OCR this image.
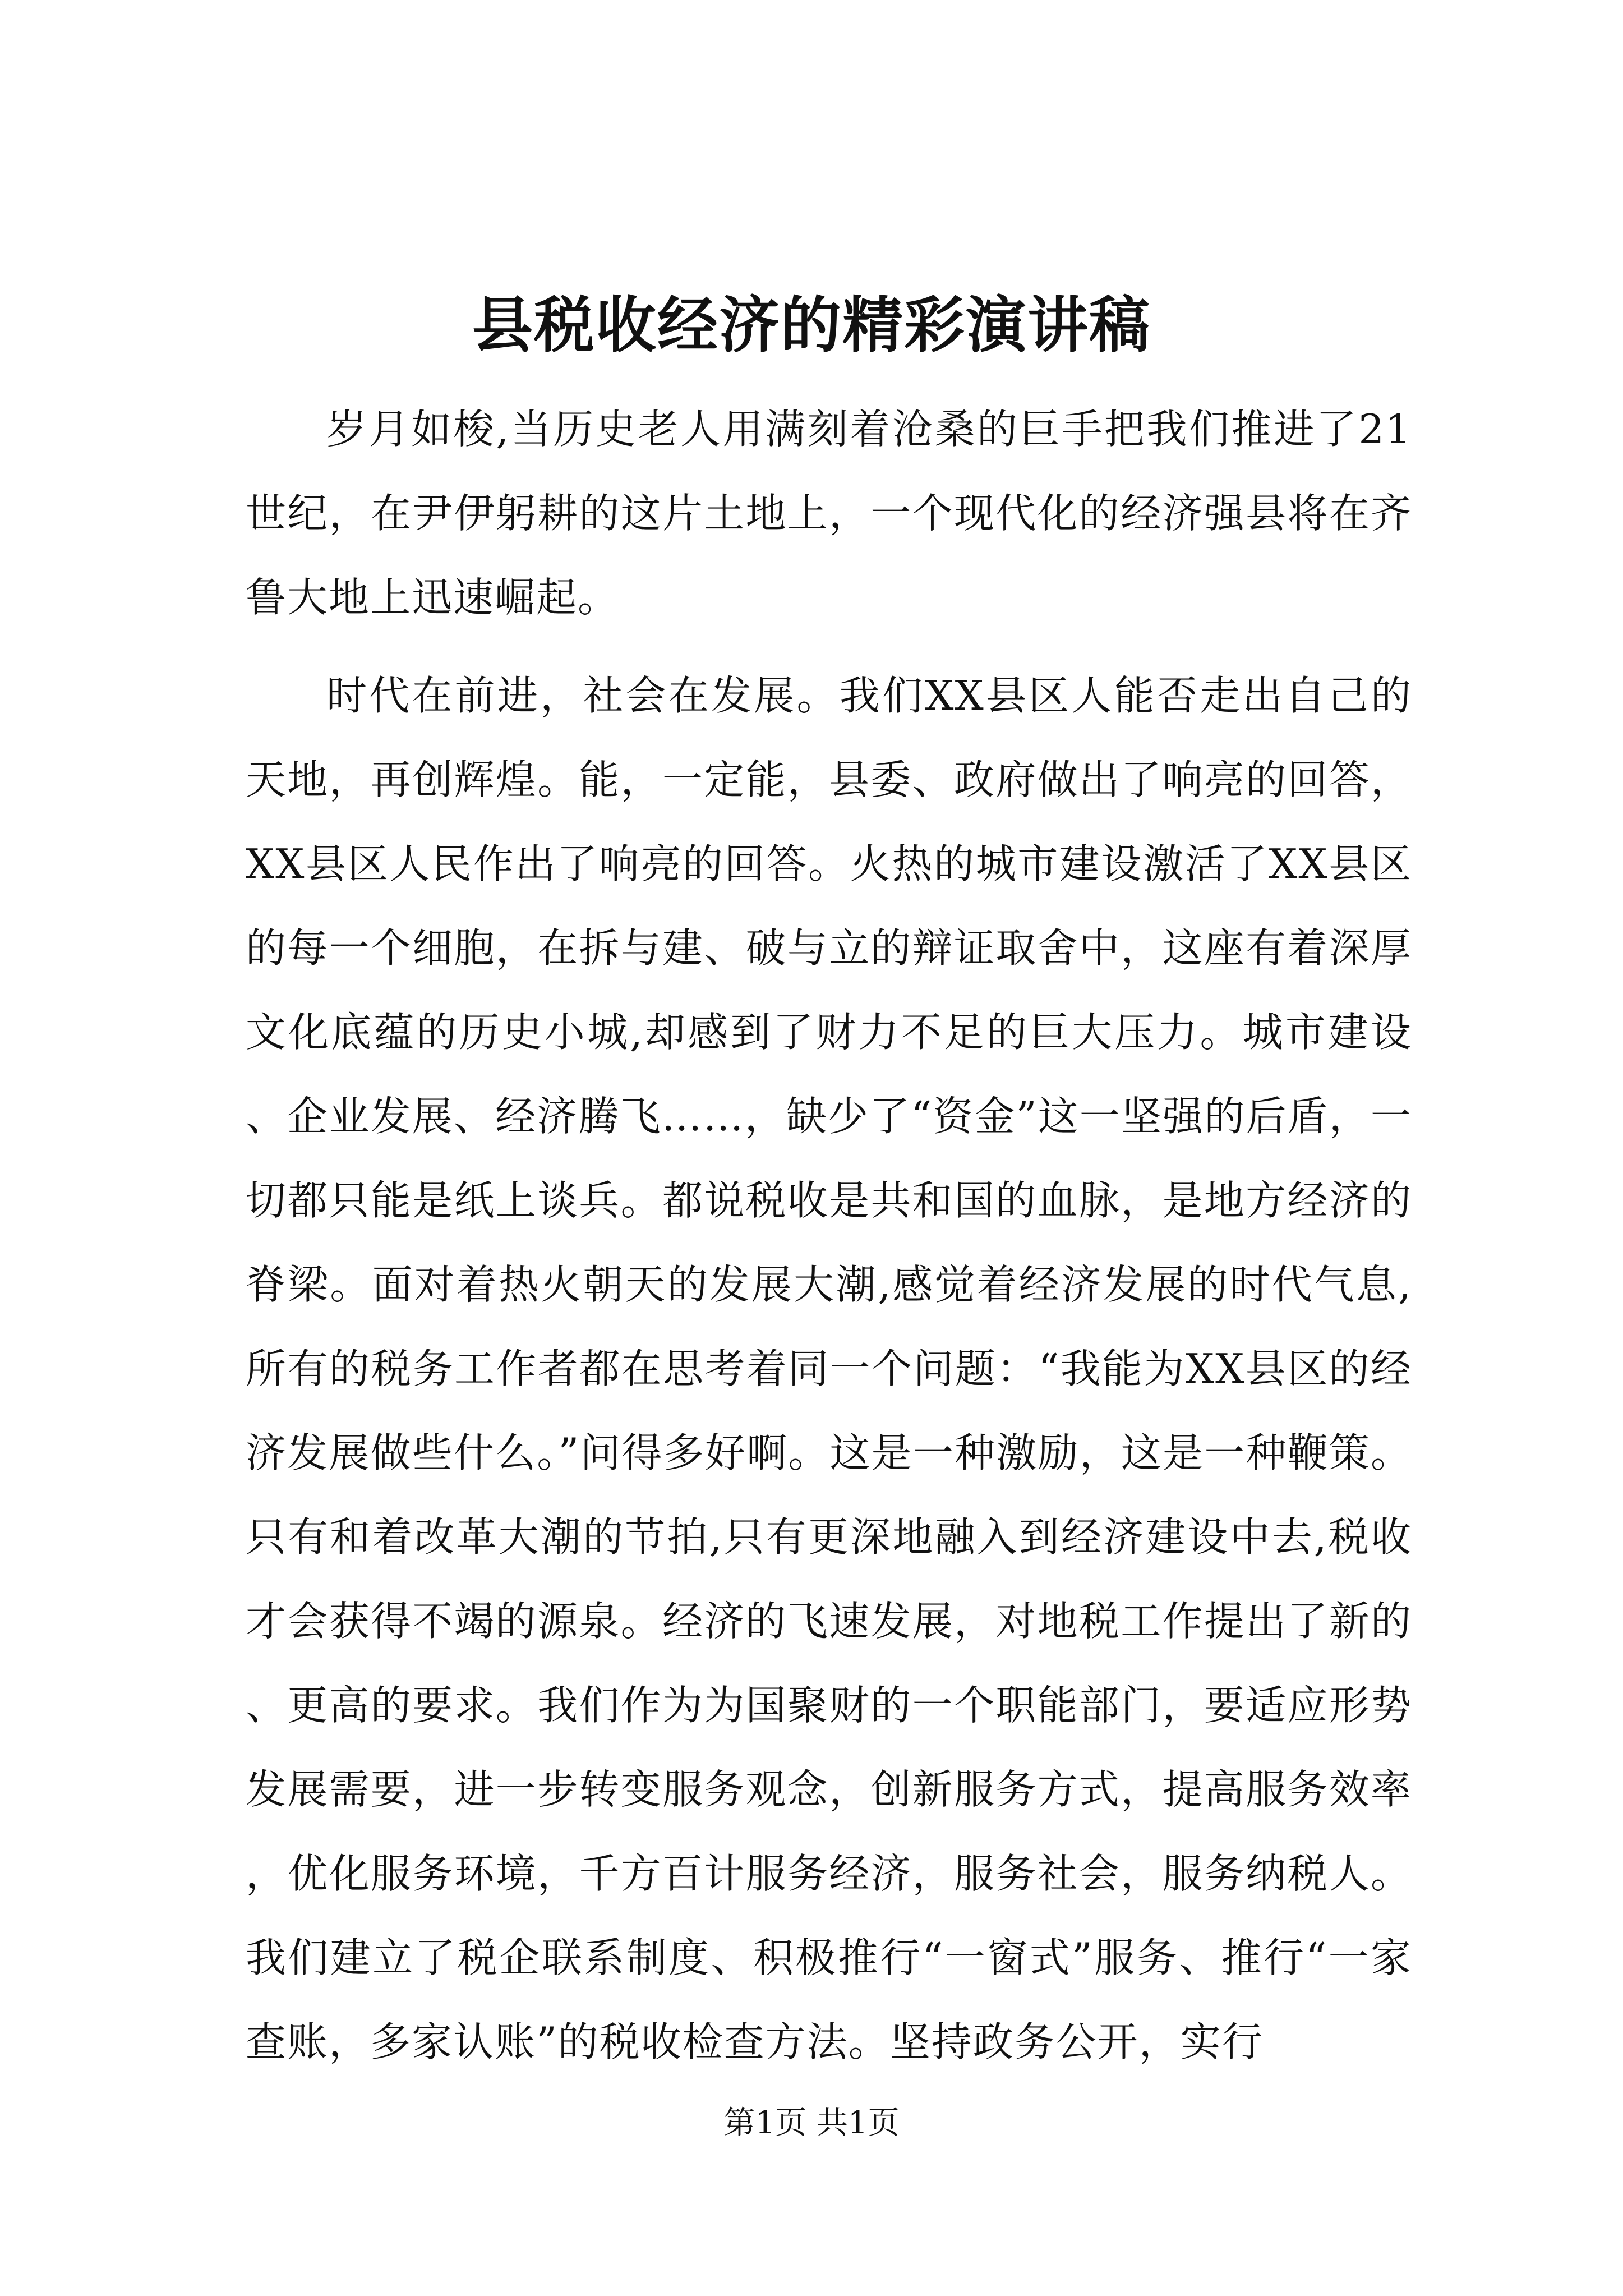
县税收经济的精彩演讲稿

岁月如梭,当历史老人用满刻着沧桑的巨手把我们推进了21世纪，在尹伊躬耕的这片土地上，一个现代化的经济强县将在齐鲁大地上迅速崛起。

时代在前进，社会在发展。我们XX县区人能否走出自己的天地，再创辉煌。能，一定能，县委、政府做出了响亮的回答，XX县区人民作出了响亮的回答。火热的城市建设激活了XX县区的每一个细胞，在拆与建、破与立的辩证取舍中，这座有着深厚文化底蕴的历史小城,却感到了财力不足的巨大压力。城市建设、企业发展、经济腾飞……，缺少了“资金”这一坚强的后盾，一切都只能是纸上谈兵。都说税收是共和国的血脉，是地方经济的脊梁。面对着热火朝天的发展大潮,感觉着经济发展的时代气息,所有的税务工作者都在思考着同一个问题：“我能为XX县区的经济发展做些什么。”问得多好啊。这是一种激励，这是一种鞭策。只有和着改革大潮的节拍,只有更深地融入到经济建设中去,税收才会获得不竭的源泉。经济的飞速发展，对地税工作提出了新的、更高的要求。我们作为为国聚财的一个职能部门，要适应形势发展需要，进一步转变服务观念，创新服务方式，提高服务效率，优化服务环境，千方百计服务经济，服务社会，服务纳税人。我们建立了税企联系制度、积极推行“一窗式”服务、推行“一家查账，多家认账”的税收检查方法。坚持政务公开，实行

第1页 共1页
